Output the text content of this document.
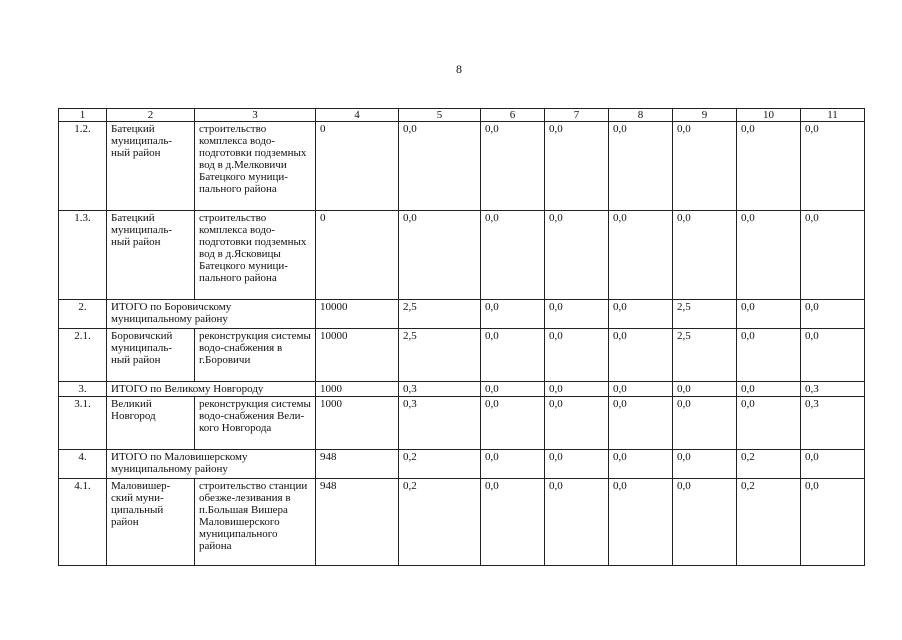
8
1	2	3	4	5	6	7	8	9	10	11
1.2.	Батецкий муниципаль-ный район	строительство комплекса водо-подготовки подземных вод в д.Мелковичи Батецкого муници-пального района	0	0,0	0,0	0,0	0,0	0,0	0,0	0,0
1.3.	Батецкий муниципаль-ный район	строительство комплекса водо-подготовки подземных вод в д.Ясковицы Батецкого муници-пального района	0	0,0	0,0	0,0	0,0	0,0	0,0	0,0
2.	ИТОГО по Боровичскому муниципальному району		10000	2,5	0,0	0,0	0,0	2,5	0,0	0,0
2.1.	Боровичский муниципаль-ный район	реконструкция системы водо-снабжения в г.Боровичи	10000	2,5	0,0	0,0	0,0	2,5	0,0	0,0
3.	ИТОГО по Великому Новгороду		1000	0,3	0,0	0,0	0,0	0,0	0,0	0,3
3.1.	Великий Новгород	реконструкция системы водо-снабжения Вели-кого Новгорода	1000	0,3	0,0	0,0	0,0	0,0	0,0	0,3
4.	ИТОГО по Маловишерскому муниципальному району		948	0,2	0,0	0,0	0,0	0,0	0,2	0,0
4.1.	Маловишер-ский муни-ципальный район	строительство станции обезже-лезивания в п.Большая Вишера Маловишерского муниципального района	948	0,2	0,0	0,0	0,0	0,0	0,2	0,0
